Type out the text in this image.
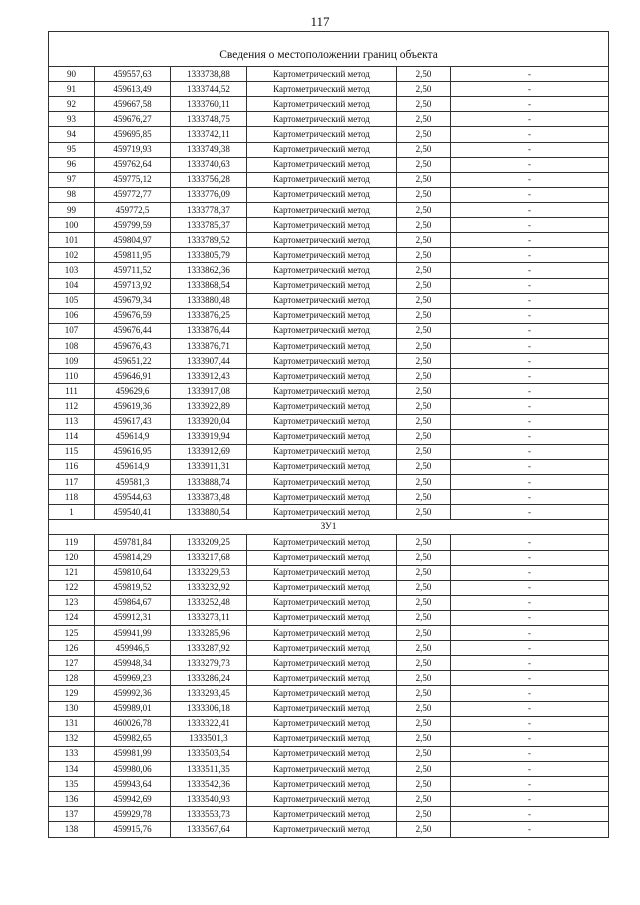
117
Сведения о местоположении границ объекта					
90	459557,63	1333738,88	Картометрический метод	2,50	-
91	459613,49	1333744,52	Картометрический метод	2,50	-
92	459667,58	1333760,11	Картометрический метод	2,50	-
93	459676,27	1333748,75	Картометрический метод	2,50	-
94	459695,85	1333742,11	Картометрический метод	2,50	-
95	459719,93	1333749,38	Картометрический метод	2,50	-
96	459762,64	1333740,63	Картометрический метод	2,50	-
97	459775,12	1333756,28	Картометрический метод	2,50	-
98	459772,77	1333776,09	Картометрический метод	2,50	-
99	459772,5	1333778,37	Картометрический метод	2,50	-
100	459799,59	1333785,37	Картометрический метод	2,50	-
101	459804,97	1333789,52	Картометрический метод	2,50	-
102	459811,95	1333805,79	Картометрический метод	2,50	-
103	459711,52	1333862,36	Картометрический метод	2,50	-
104	459713,92	1333868,54	Картометрический метод	2,50	-
105	459679,34	1333880,48	Картометрический метод	2,50	-
106	459676,59	1333876,25	Картометрический метод	2,50	-
107	459676,44	1333876,44	Картометрический метод	2,50	-
108	459676,43	1333876,71	Картометрический метод	2,50	-
109	459651,22	1333907,44	Картометрический метод	2,50	-
110	459646,91	1333912,43	Картометрический метод	2,50	-
111	459629,6	1333917,08	Картометрический метод	2,50	-
112	459619,36	1333922,89	Картометрический метод	2,50	-
113	459617,43	1333920,04	Картометрический метод	2,50	-
114	459614,9	1333919,94	Картометрический метод	2,50	-
115	459616,95	1333912,69	Картометрический метод	2,50	-
116	459614,9	1333911,31	Картометрический метод	2,50	-
117	459581,3	1333888,74	Картометрический метод	2,50	-
118	459544,63	1333873,48	Картометрический метод	2,50	-
1	459540,41	1333880,54	Картометрический метод	2,50	-
ЗУ1					
119	459781,84	1333209,25	Картометрический метод	2,50	-
120	459814,29	1333217,68	Картометрический метод	2,50	-
121	459810,64	1333229,53	Картометрический метод	2,50	-
122	459819,52	1333232,92	Картометрический метод	2,50	-
123	459864,67	1333252,48	Картометрический метод	2,50	-
124	459912,31	1333273,11	Картометрический метод	2,50	-
125	459941,99	1333285,96	Картометрический метод	2,50	-
126	459946,5	1333287,92	Картометрический метод	2,50	-
127	459948,34	1333279,73	Картометрический метод	2,50	-
128	459969,23	1333286,24	Картометрический метод	2,50	-
129	459992,36	1333293,45	Картометрический метод	2,50	-
130	459989,01	1333306,18	Картометрический метод	2,50	-
131	460026,78	1333322,41	Картометрический метод	2,50	-
132	459982,65	1333501,3	Картометрический метод	2,50	-
133	459981,99	1333503,54	Картометрический метод	2,50	-
134	459980,06	1333511,35	Картометрический метод	2,50	-
135	459943,64	1333542,36	Картометрический метод	2,50	-
136	459942,69	1333540,93	Картометрический метод	2,50	-
137	459929,78	1333553,73	Картометрический метод	2,50	-
138	459915,76	1333567,64	Картометрический метод	2,50	-
